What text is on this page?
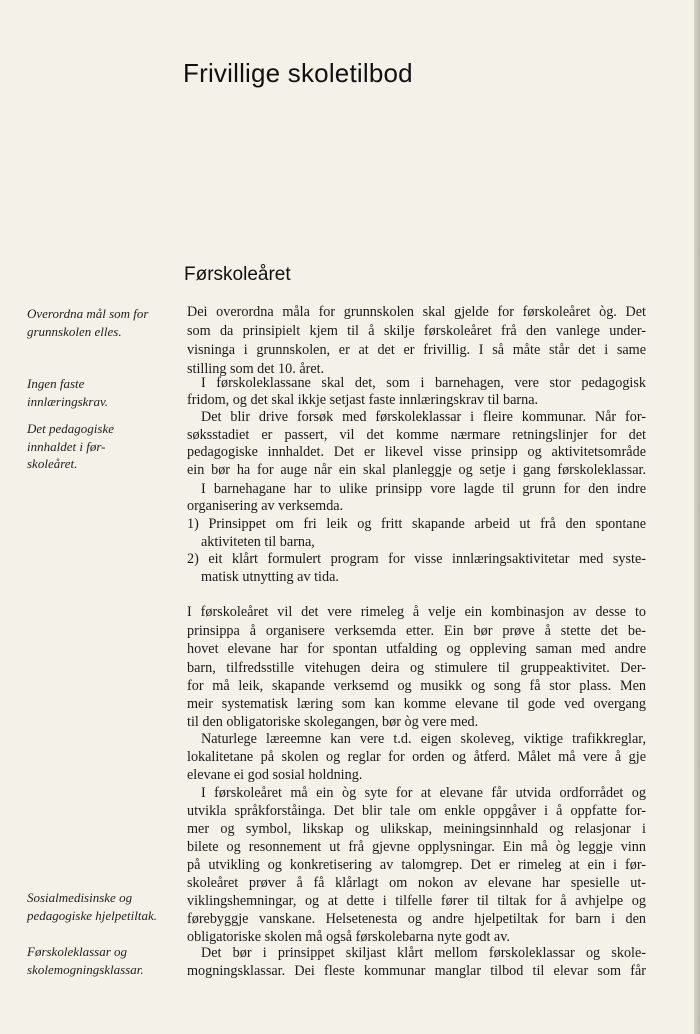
Frivillige skoletilbod
Førskoleåret
Overordna mål som for
grunnskolen elles.
Ingen faste
innlæringskrav.
Det pedagogiske
innhaldet i før-
skoleåret.
Sosialmedisinske og
pedagogiske hjelpetiltak.
Førskoleklassar og
skolemogningsklassar.
Dei overordna måla for grunnskolen skal gjelde for førskoleåret òg. Det
som da prinsipielt kjem til å skilje førskoleåret frå den vanlege under-
visninga i grunnskolen, er at det er frivillig. I så måte står det i same
stilling som det 10. året.
I førskoleklassane skal det, som i barnehagen, vere stor pedagogisk
fridom, og det skal ikkje setjast faste innlæringskrav til barna.
Det blir drive forsøk med førskoleklassar i fleire kommunar. Når for-
søksstadiet er passert, vil det komme nærmare retningslinjer for det
pedagogiske innhaldet. Det er likevel visse prinsipp og aktivitetsområde
ein bør ha for auge når ein skal planleggje og setje i gang førskoleklassar.
I barnehagane har to ulike prinsipp vore lagde til grunn for den indre
organisering av verksemda.
1) Prinsippet om fri leik og fritt skapande arbeid ut frå den spontane
aktiviteten til barna,
2) eit klårt formulert program for visse innlæringsaktivitetar med syste-
matisk utnytting av tida.
I førskoleåret vil det vere rimeleg å velje ein kombinasjon av desse to
prinsippa å organisere verksemda etter. Ein bør prøve å stette det be-
hovet elevane har for spontan utfalding og oppleving saman med andre
barn, tilfredsstille vitehugen deira og stimulere til gruppeaktivitet. Der-
for må leik, skapande verksemd og musikk og song få stor plass. Men
meir systematisk læring som kan komme elevane til gode ved overgang
til den obligatoriske skolegangen, bør òg vere med.
Naturlege læreemne kan vere t.d. eigen skoleveg, viktige trafikkreglar,
lokalitetane på skolen og reglar for orden og åtferd. Målet må vere å gje
elevane ei god sosial holdning.
I førskoleåret må ein òg syte for at elevane får utvida ordforrådet og
utvikla språkforståinga. Det blir tale om enkle oppgåver i å oppfatte for-
mer og symbol, likskap og ulikskap, meiningsinnhald og relasjonar i
bilete og resonnement ut frå gjevne opplysningar. Ein må òg leggje vinn
på utvikling og konkretisering av talomgrep. Det er rimeleg at ein i før-
skoleåret prøver å få klårlagt om nokon av elevane har spesielle ut-
viklingshemningar, og at dette i tilfelle fører til tiltak for å avhjelpe og
førebyggje vanskane. Helsetenesta og andre hjelpetiltak for barn i den
obligatoriske skolen må også førskolebarna nyte godt av.
Det bør i prinsippet skiljast klårt mellom førskoleklassar og skole-
mogningsklassar. Dei fleste kommunar manglar tilbod til elevar som får
